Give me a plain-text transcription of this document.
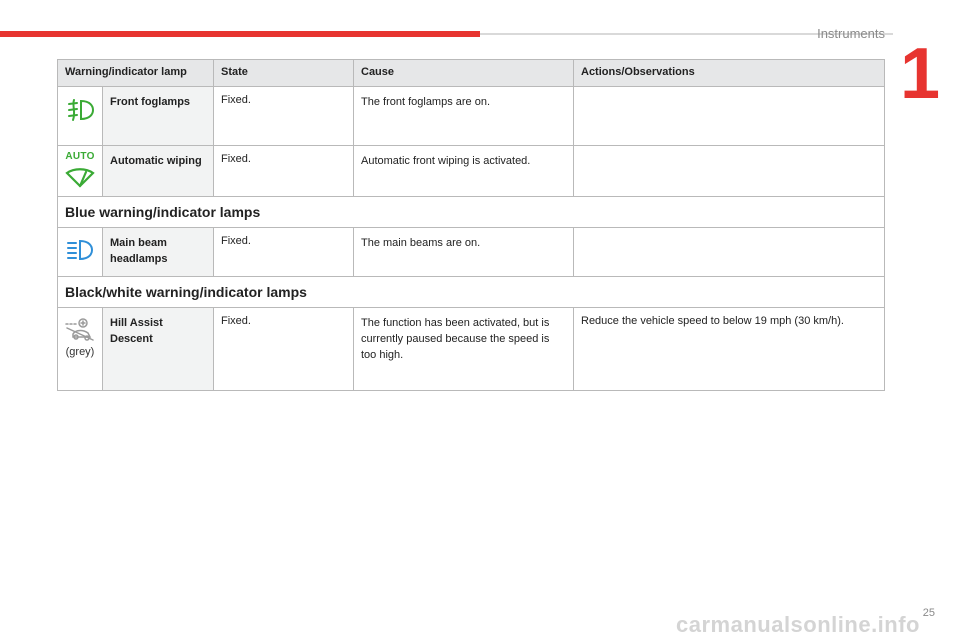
Instruments
1
Warning/indicator lamp		State	Cause	Actions/Observations

	Front foglamps	Fixed.	The front foglamps are on.	

AUTO	Automatic wiping	Fixed.	Automatic front wiping is activated.	
Blue warning/indicator lamps				

	Main beam headlamps	Fixed.	The main beams are on.	
Black/white warning/indicator lamps				

(grey)	Hill Assist Descent	Fixed.	The function has been activated, but is currently paused because the speed is too high.	Reduce the vehicle speed to below 19 mph (30 km/h).
25
carmanualsonline.info
